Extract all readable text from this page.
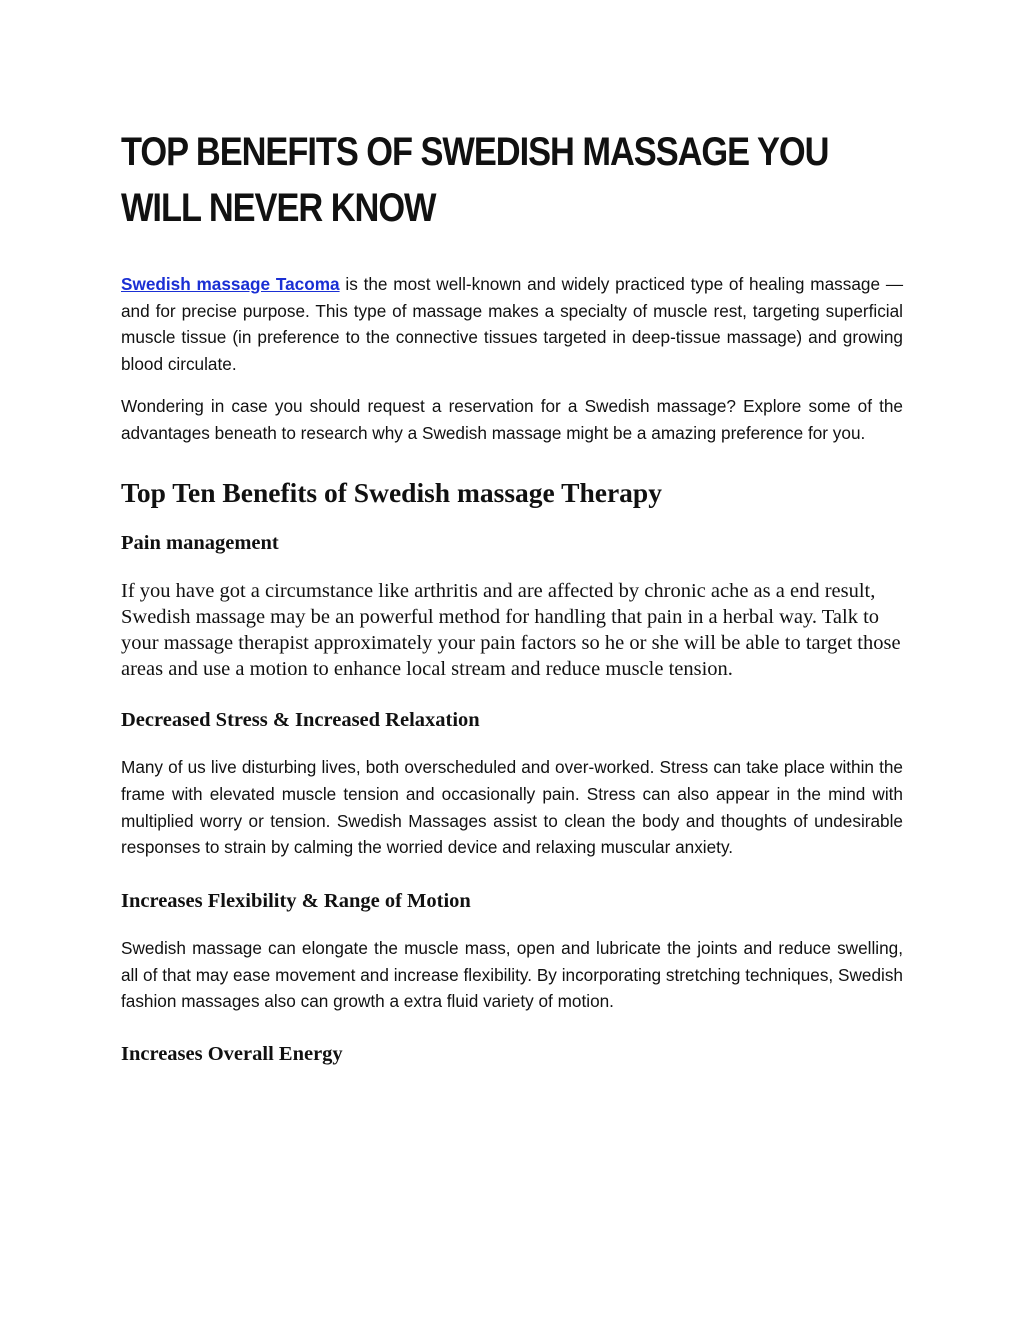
TOP BENEFITS OF SWEDISH MASSAGE YOU WILL NEVER KNOW

Swedish massage Tacoma is the most well-known and widely practiced type of healing massage —and for precise purpose. This type of massage makes a specialty of muscle rest, targeting superficial muscle tissue (in preference to the connective tissues targeted in deep-tissue massage) and growing blood circulate.

Wondering in case you should request a reservation for a Swedish massage? Explore some of the advantages beneath to research why a Swedish massage might be a amazing preference for you.

Top Ten Benefits of Swedish massage Therapy
Pain management

If you have got a circumstance like arthritis and are affected by chronic ache as a end result, Swedish massage may be an powerful method for handling that pain in a herbal way. Talk to your massage therapist approximately your pain factors so he or she will be able to target those areas and use a motion to enhance local stream and reduce muscle tension.

Decreased Stress & Increased Relaxation

Many of us live disturbing lives, both overscheduled and over-worked. Stress can take place within the frame with elevated muscle tension and occasionally pain. Stress can also appear in the mind with multiplied worry or tension. Swedish Massages assist to clean the body and thoughts of undesirable responses to strain by calming the worried device and relaxing muscular anxiety.

Increases Flexibility & Range of Motion

Swedish massage can elongate the muscle mass, open and lubricate the joints and reduce swelling, all of that may ease movement and increase flexibility. By incorporating stretching techniques, Swedish fashion massages also can growth a extra fluid variety of motion.

Increases Overall Energy
